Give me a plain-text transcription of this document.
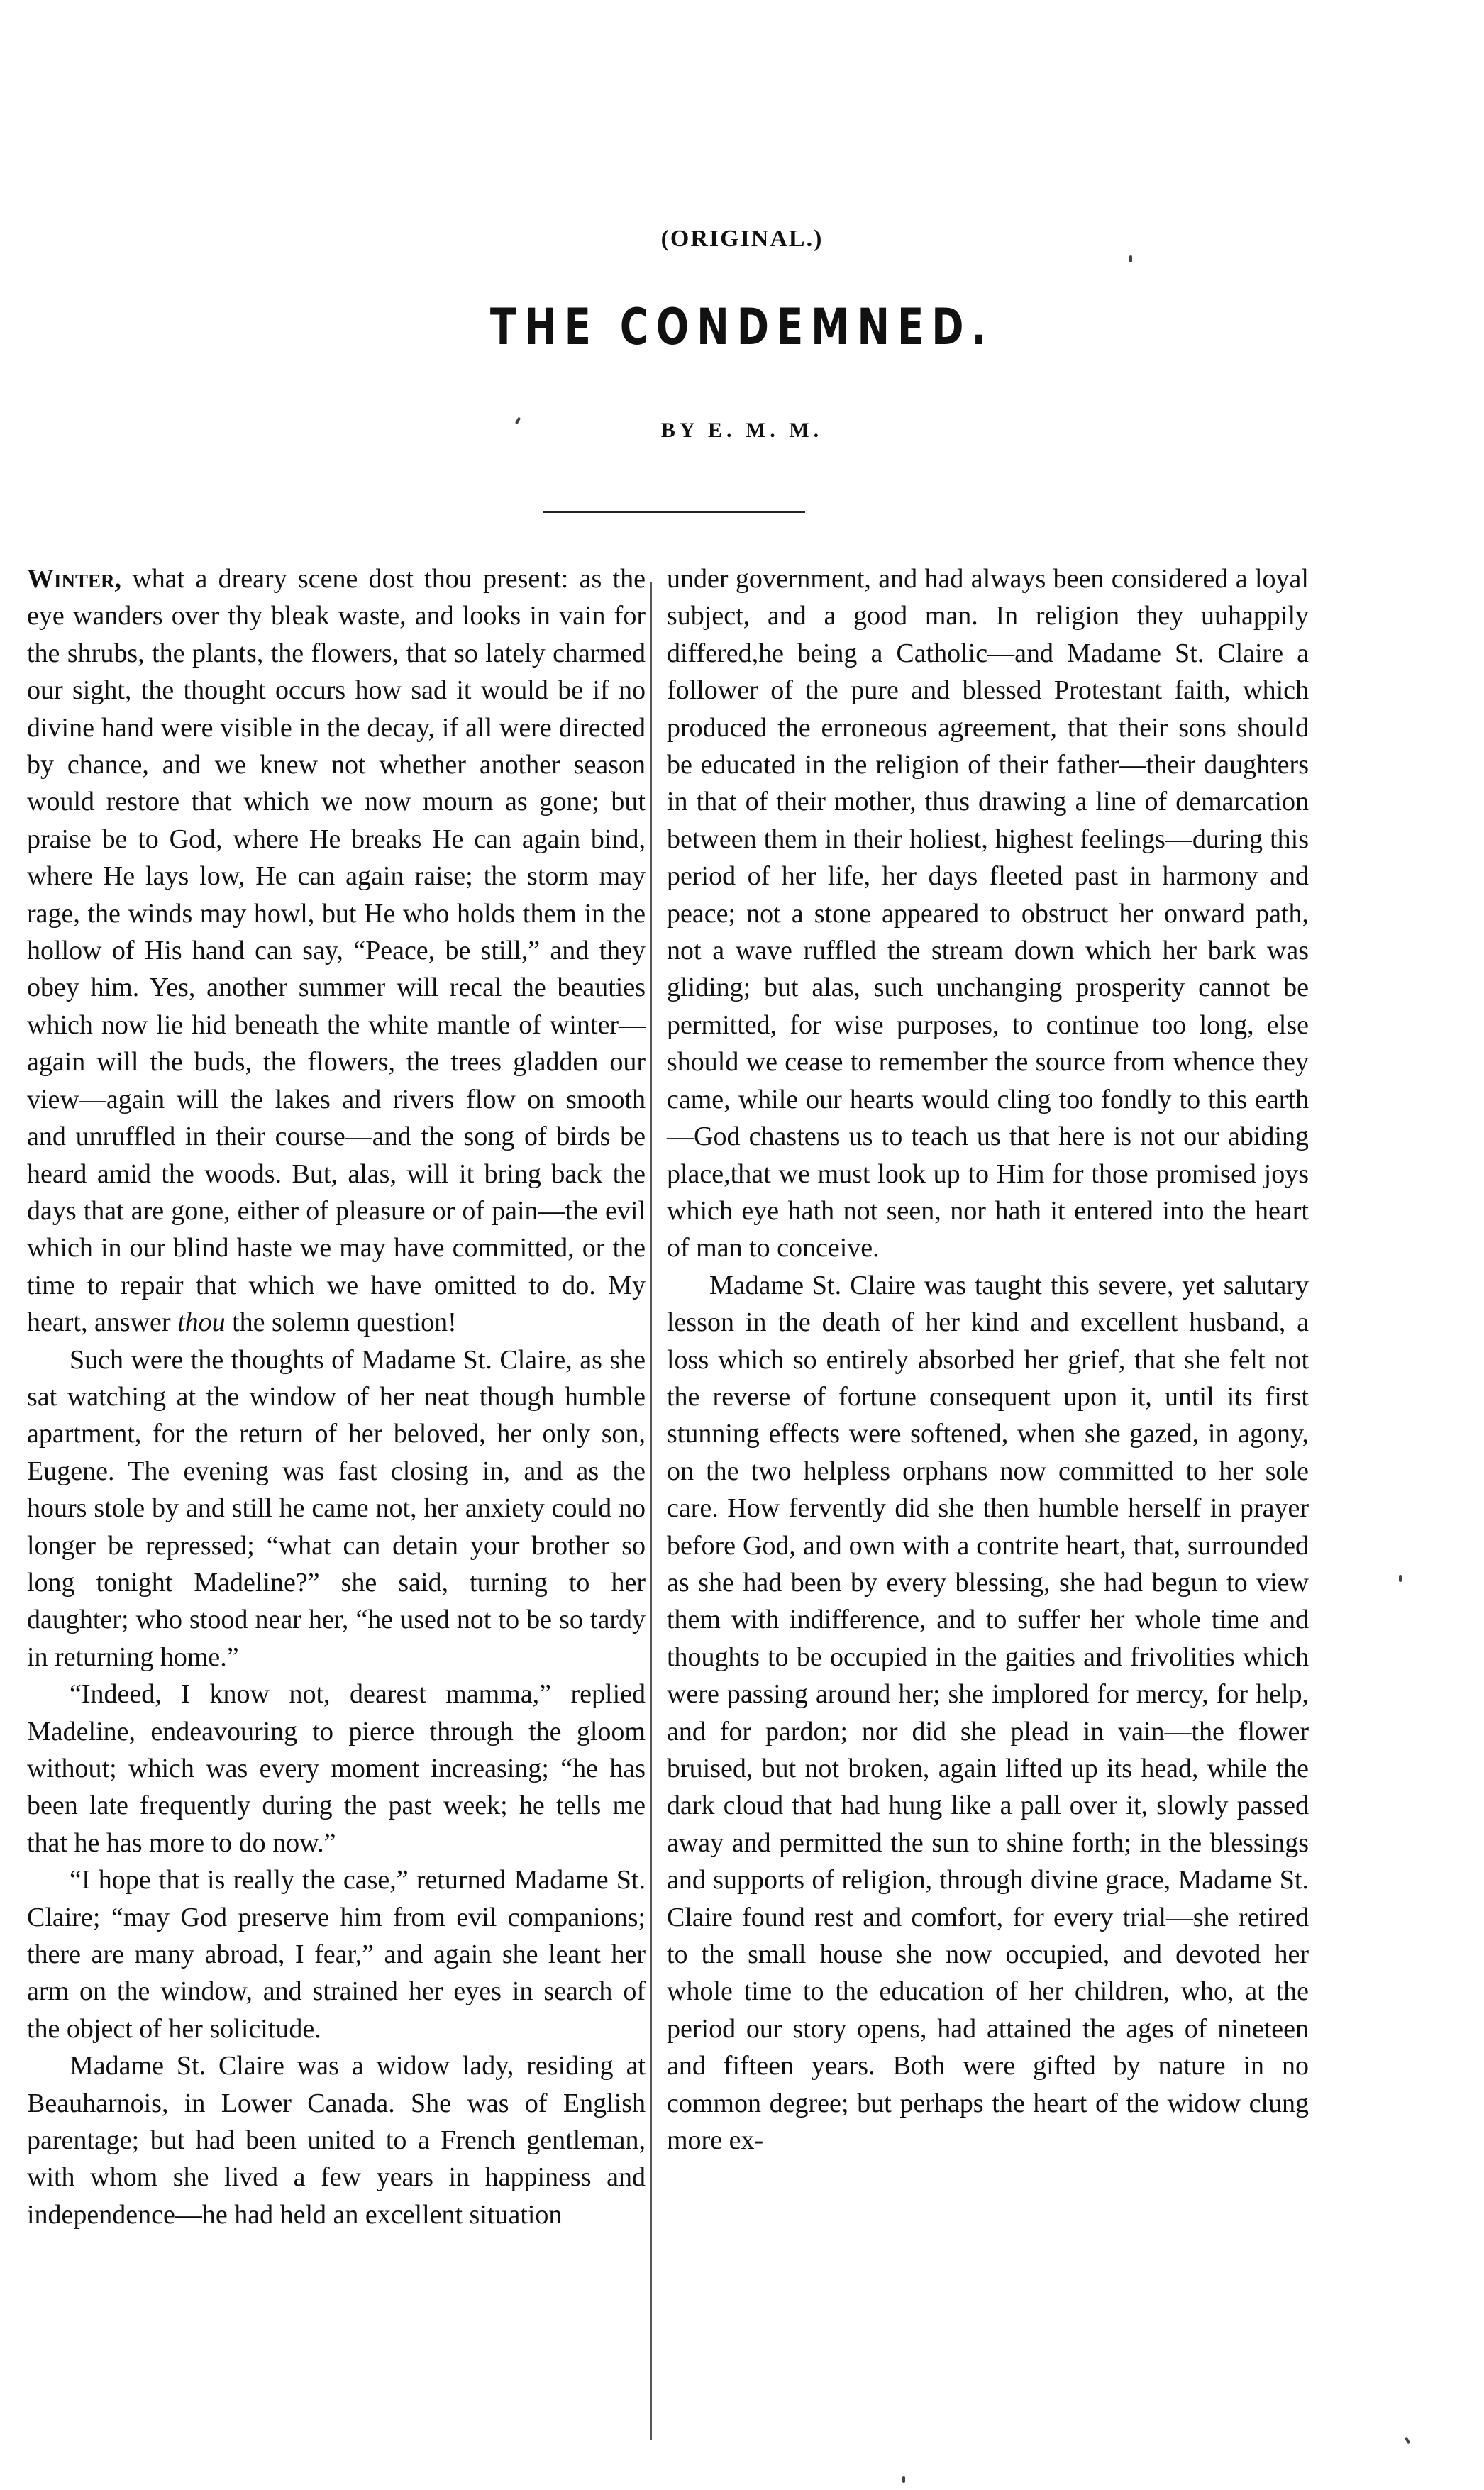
(ORIGINAL.)
THE CONDEMNED.
BY E. M. M.

Winter, what a dreary scene dost thou present: as the eye wanders over thy bleak waste, and looks in vain for the shrubs, the plants, the flowers, that so lately charmed our sight, the thought occurs how sad it would be if no divine hand were visible in the decay, if all were directed by chance, and we knew not whether another season would restore that which we now mourn as gone; but praise be to God, where He breaks He can again bind, where He lays low, He can again raise; the storm may rage, the winds may howl, but He who holds them in the hollow of His hand can say, “Peace, be still,” and they obey him. Yes, another summer will recal the beauties which now lie hid beneath the white mantle of winter—again will the buds, the flowers, the trees gladden our view—again will the lakes and rivers flow on smooth and unruffled in their course—and the song of birds be heard amid the woods. But, alas, will it bring back the days that are gone, either of pleasure or of pain—the evil which in our blind haste we may have committed, or the time to repair that which we have omitted to do. My heart, answer thou the solemn question!

Such were the thoughts of Madame St. Claire, as she sat watching at the window of her neat though humble apartment, for the return of her beloved, her only son, Eugene. The evening was fast closing in, and as the hours stole by and still he came not, her anxiety could no longer be repressed; “what can detain your brother so long tonight Madeline?” she said, turning to her daughter; who stood near her, “he used not to be so tardy in returning home.”

“Indeed, I know not, dearest mamma,” replied Madeline, endeavouring to pierce through the gloom without; which was every moment increasing; “he has been late frequently during the past week; he tells me that he has more to do now.”

“I hope that is really the case,” returned Madame St. Claire; “may God preserve him from evil companions; there are many abroad, I fear,” and again she leant her arm on the window, and strained her eyes in search of the object of her solicitude.

Madame St. Claire was a widow lady, residing at Beauharnois, in Lower Canada. She was of English parentage; but had been united to a French gentleman, with whom she lived a few years in happiness and independence—he had held an excellent situation

under government, and had always been considered a loyal subject, and a good man. In religion they uuhappily differed,he being a Catholic—and Madame St. Claire a follower of the pure and blessed Protestant faith, which produced the erroneous agreement, that their sons should be educated in the religion of their father—their daughters in that of their mother, thus drawing a line of demarcation between them in their holiest, highest feelings—during this period of her life, her days fleeted past in harmony and peace; not a stone appeared to obstruct her onward path, not a wave ruffled the stream down which her bark was gliding; but alas, such unchanging prosperity cannot be permitted, for wise purposes, to continue too long, else should we cease to remember the source from whence they came, while our hearts would cling too fondly to this earth—God chastens us to teach us that here is not our abiding place,that we must look up to Him for those promised joys which eye hath not seen, nor hath it entered into the heart of man to conceive.

Madame St. Claire was taught this severe, yet salutary lesson in the death of her kind and excellent husband, a loss which so entirely absorbed her grief, that she felt not the reverse of fortune consequent upon it, until its first stunning effects were softened, when she gazed, in agony, on the two helpless orphans now committed to her sole care. How fervently did she then humble herself in prayer before God, and own with a contrite heart, that, surrounded as she had been by every blessing, she had begun to view them with indifference, and to suffer her whole time and thoughts to be occupied in the gaities and frivolities which were passing around her; she implored for mercy, for help, and for pardon; nor did she plead in vain—the flower bruised, but not broken, again lifted up its head, while the dark cloud that had hung like a pall over it, slowly passed away and permitted the sun to shine forth; in the blessings and supports of religion, through divine grace, Madame St. Claire found rest and comfort, for every trial—she retired to the small house she now occupied, and devoted her whole time to the education of her children, who, at the period our story opens, had attained the ages of nineteen and fifteen years. Both were gifted by nature in no common degree; but perhaps the heart of the widow clung more ex-
